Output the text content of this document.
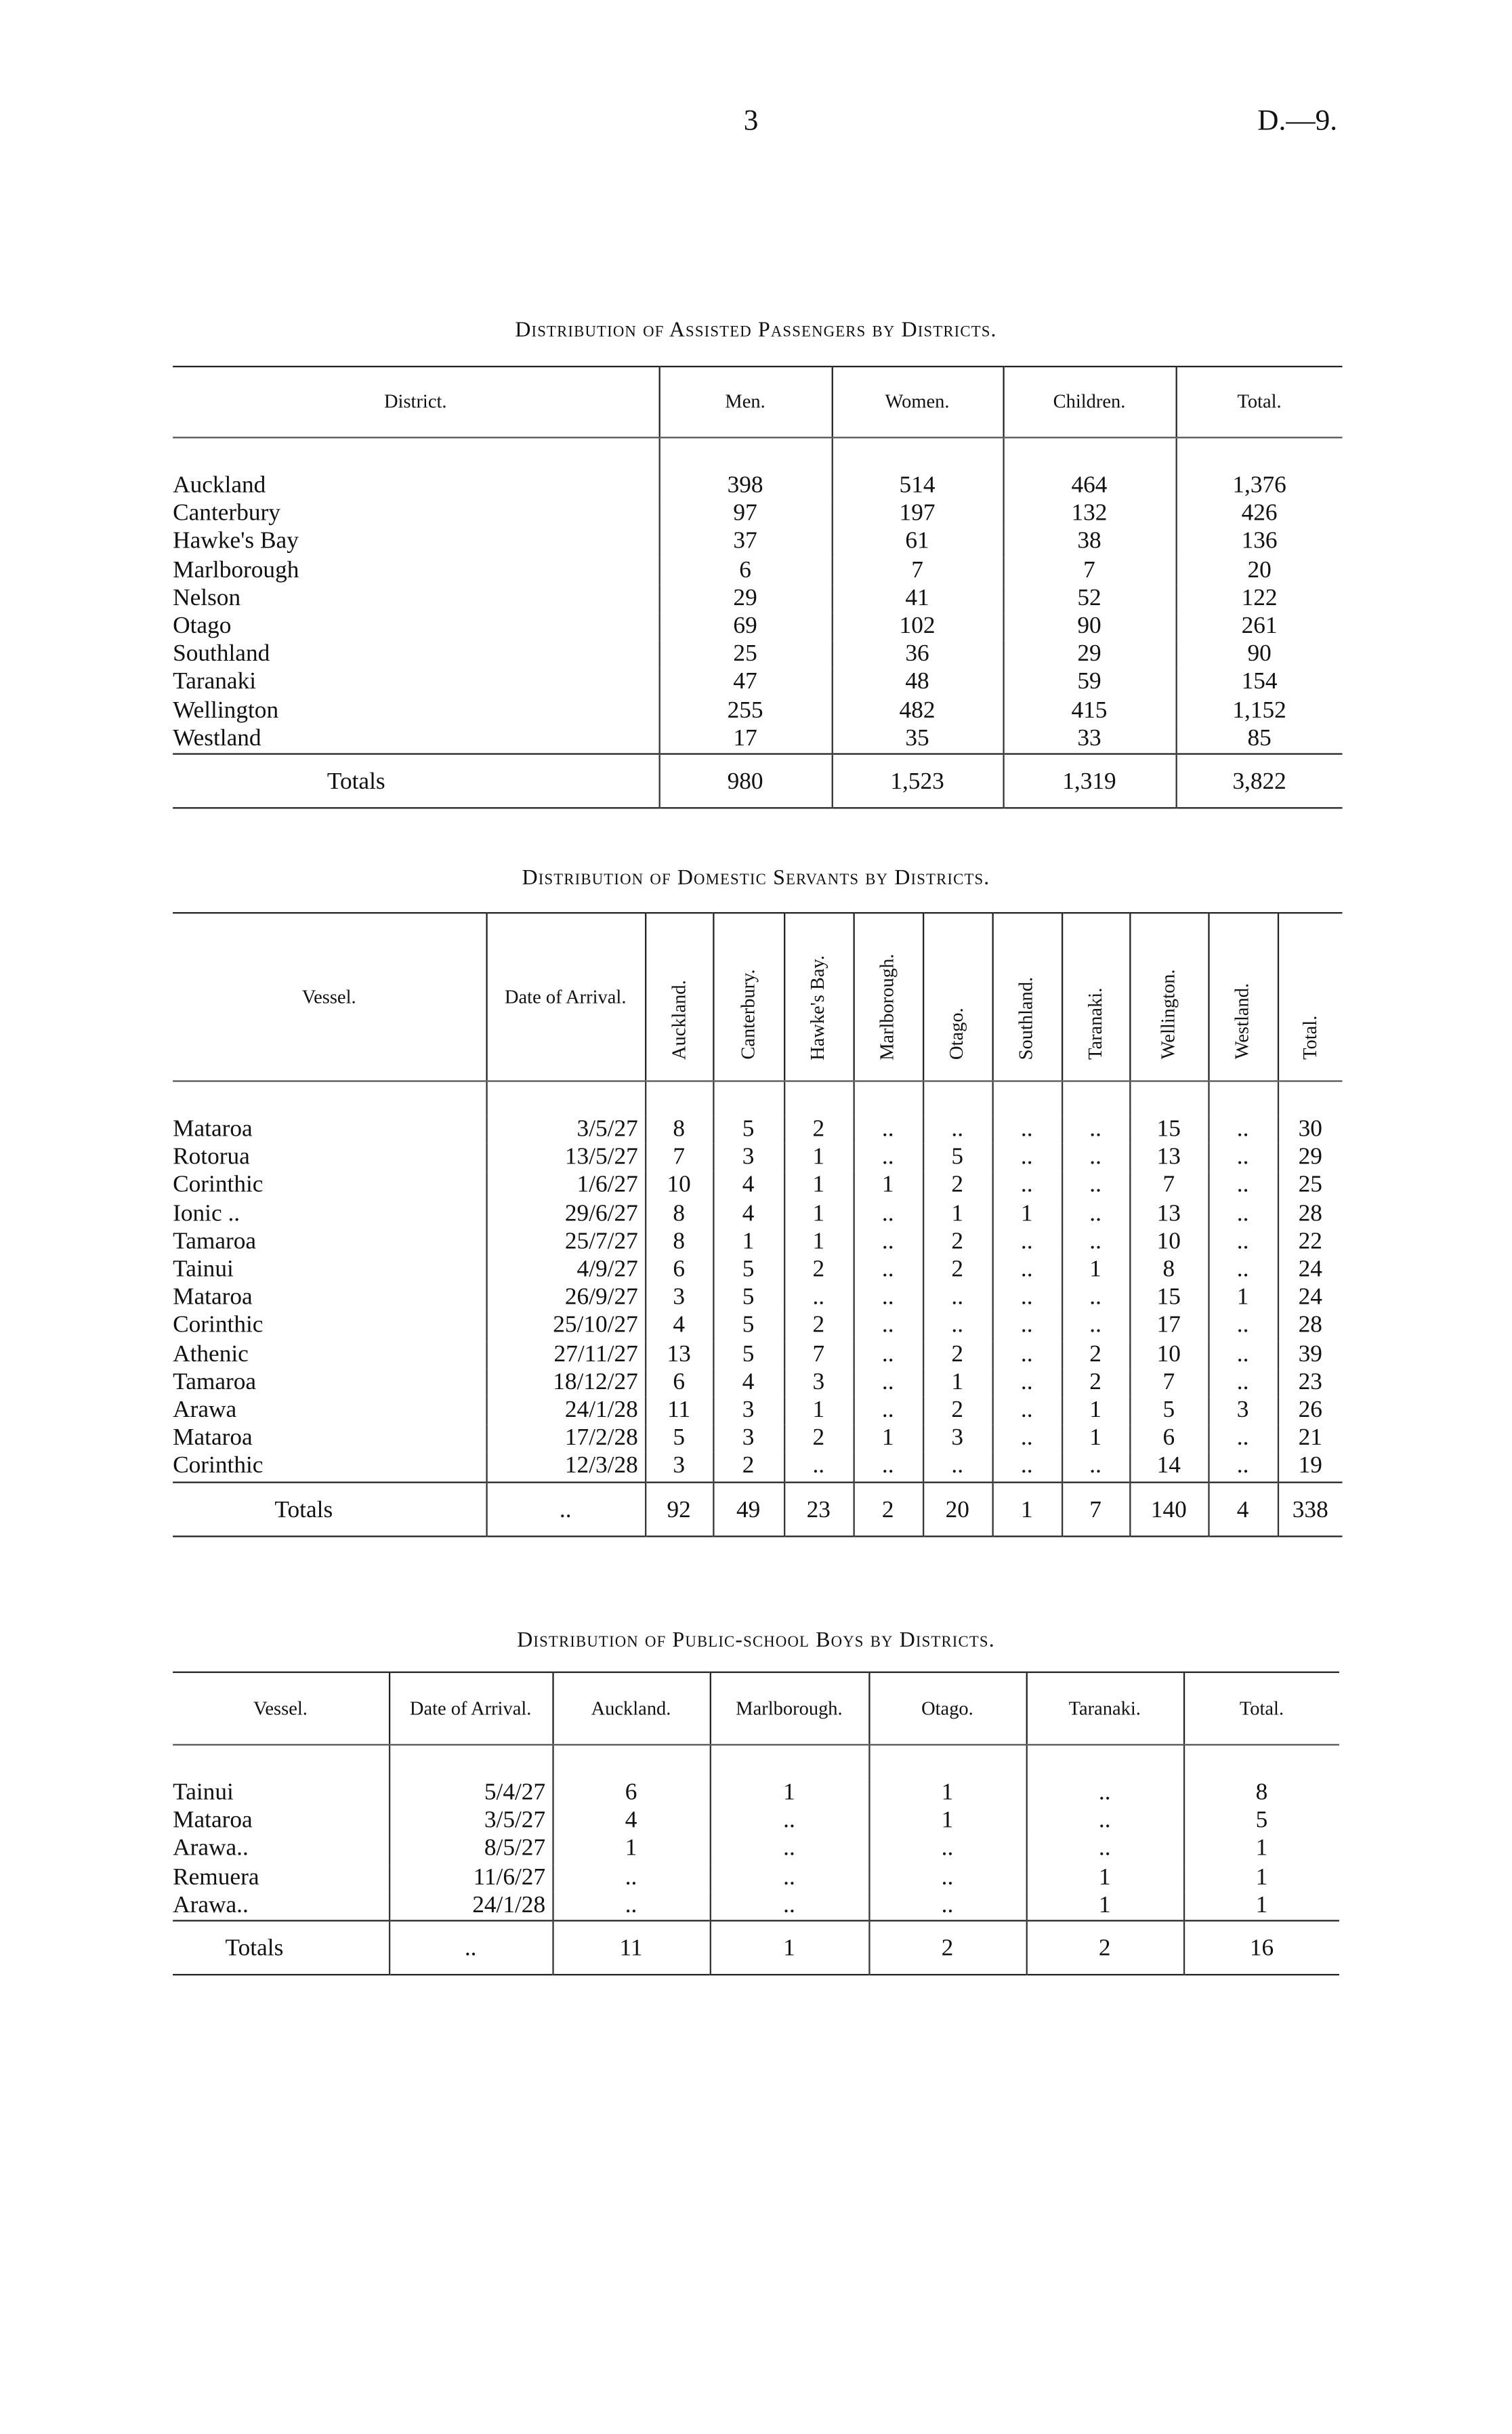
3	D.—9.
Distribution of Assisted Passengers by Districts.
District.	Men.	Women.	Children.	Total.

Auckland	398	514	464	1,376
Canterbury	97	197	132	426
Hawke's Bay	37	61	38	136
Marlborough	6	7	7	20
Nelson	29	41	52	122
Otago	69	102	90	261
Southland	25	36	29	90
Taranaki	47	48	59	154
Wellington	255	482	415	1,152
Westland	17	35	33	85
Totals	980	1,523	1,319	3,822
Distribution of Domestic Servants by Districts.
Vessel.	Date of Arrival.	Auckland.	Canterbury.	Hawke's Bay.	Marlborough.	Otago.	Southland.	Taranaki.	Wellington.	Westland.	Total.

Mataroa	3/5/27	8	5	2	..	..	..	..	15	..	30
Rotorua	13/5/27	7	3	1	..	5	..	..	13	..	29
Corinthic	1/6/27	10	4	1	1	2	..	..	7	..	25
Ionic ..	29/6/27	8	4	1	..	1	1	..	13	..	28
Tamaroa	25/7/27	8	1	1	..	2	..	..	10	..	22
Tainui	4/9/27	6	5	2	..	2	..	1	8	..	24
Mataroa	26/9/27	3	5	..	..	..	..	..	15	1	24
Corinthic	25/10/27	4	5	2	..	..	..	..	17	..	28
Athenic	27/11/27	13	5	7	..	2	..	2	10	..	39
Tamaroa	18/12/27	6	4	3	..	1	..	2	7	..	23
Arawa	24/1/28	11	3	1	..	2	..	1	5	3	26
Mataroa	17/2/28	5	3	2	1	3	..	1	6	..	21
Corinthic	12/3/28	3	2	..	..	..	..	..	14	..	19
Totals	..	92	49	23	2	20	1	7	140	4	338
Distribution of Public-school Boys by Districts.
Vessel.	Date of Arrival.	Auckland.	Marlborough.	Otago.	Taranaki.	Total.

Tainui	5/4/27	6	1	1	..	8
Mataroa	3/5/27	4	..	1	..	5
Arawa..	8/5/27	1	..	..	..	1
Remuera	11/6/27	..	..	..	1	1
Arawa..	24/1/28	..	..	..	1	1
Totals	..	11	1	2	2	16
